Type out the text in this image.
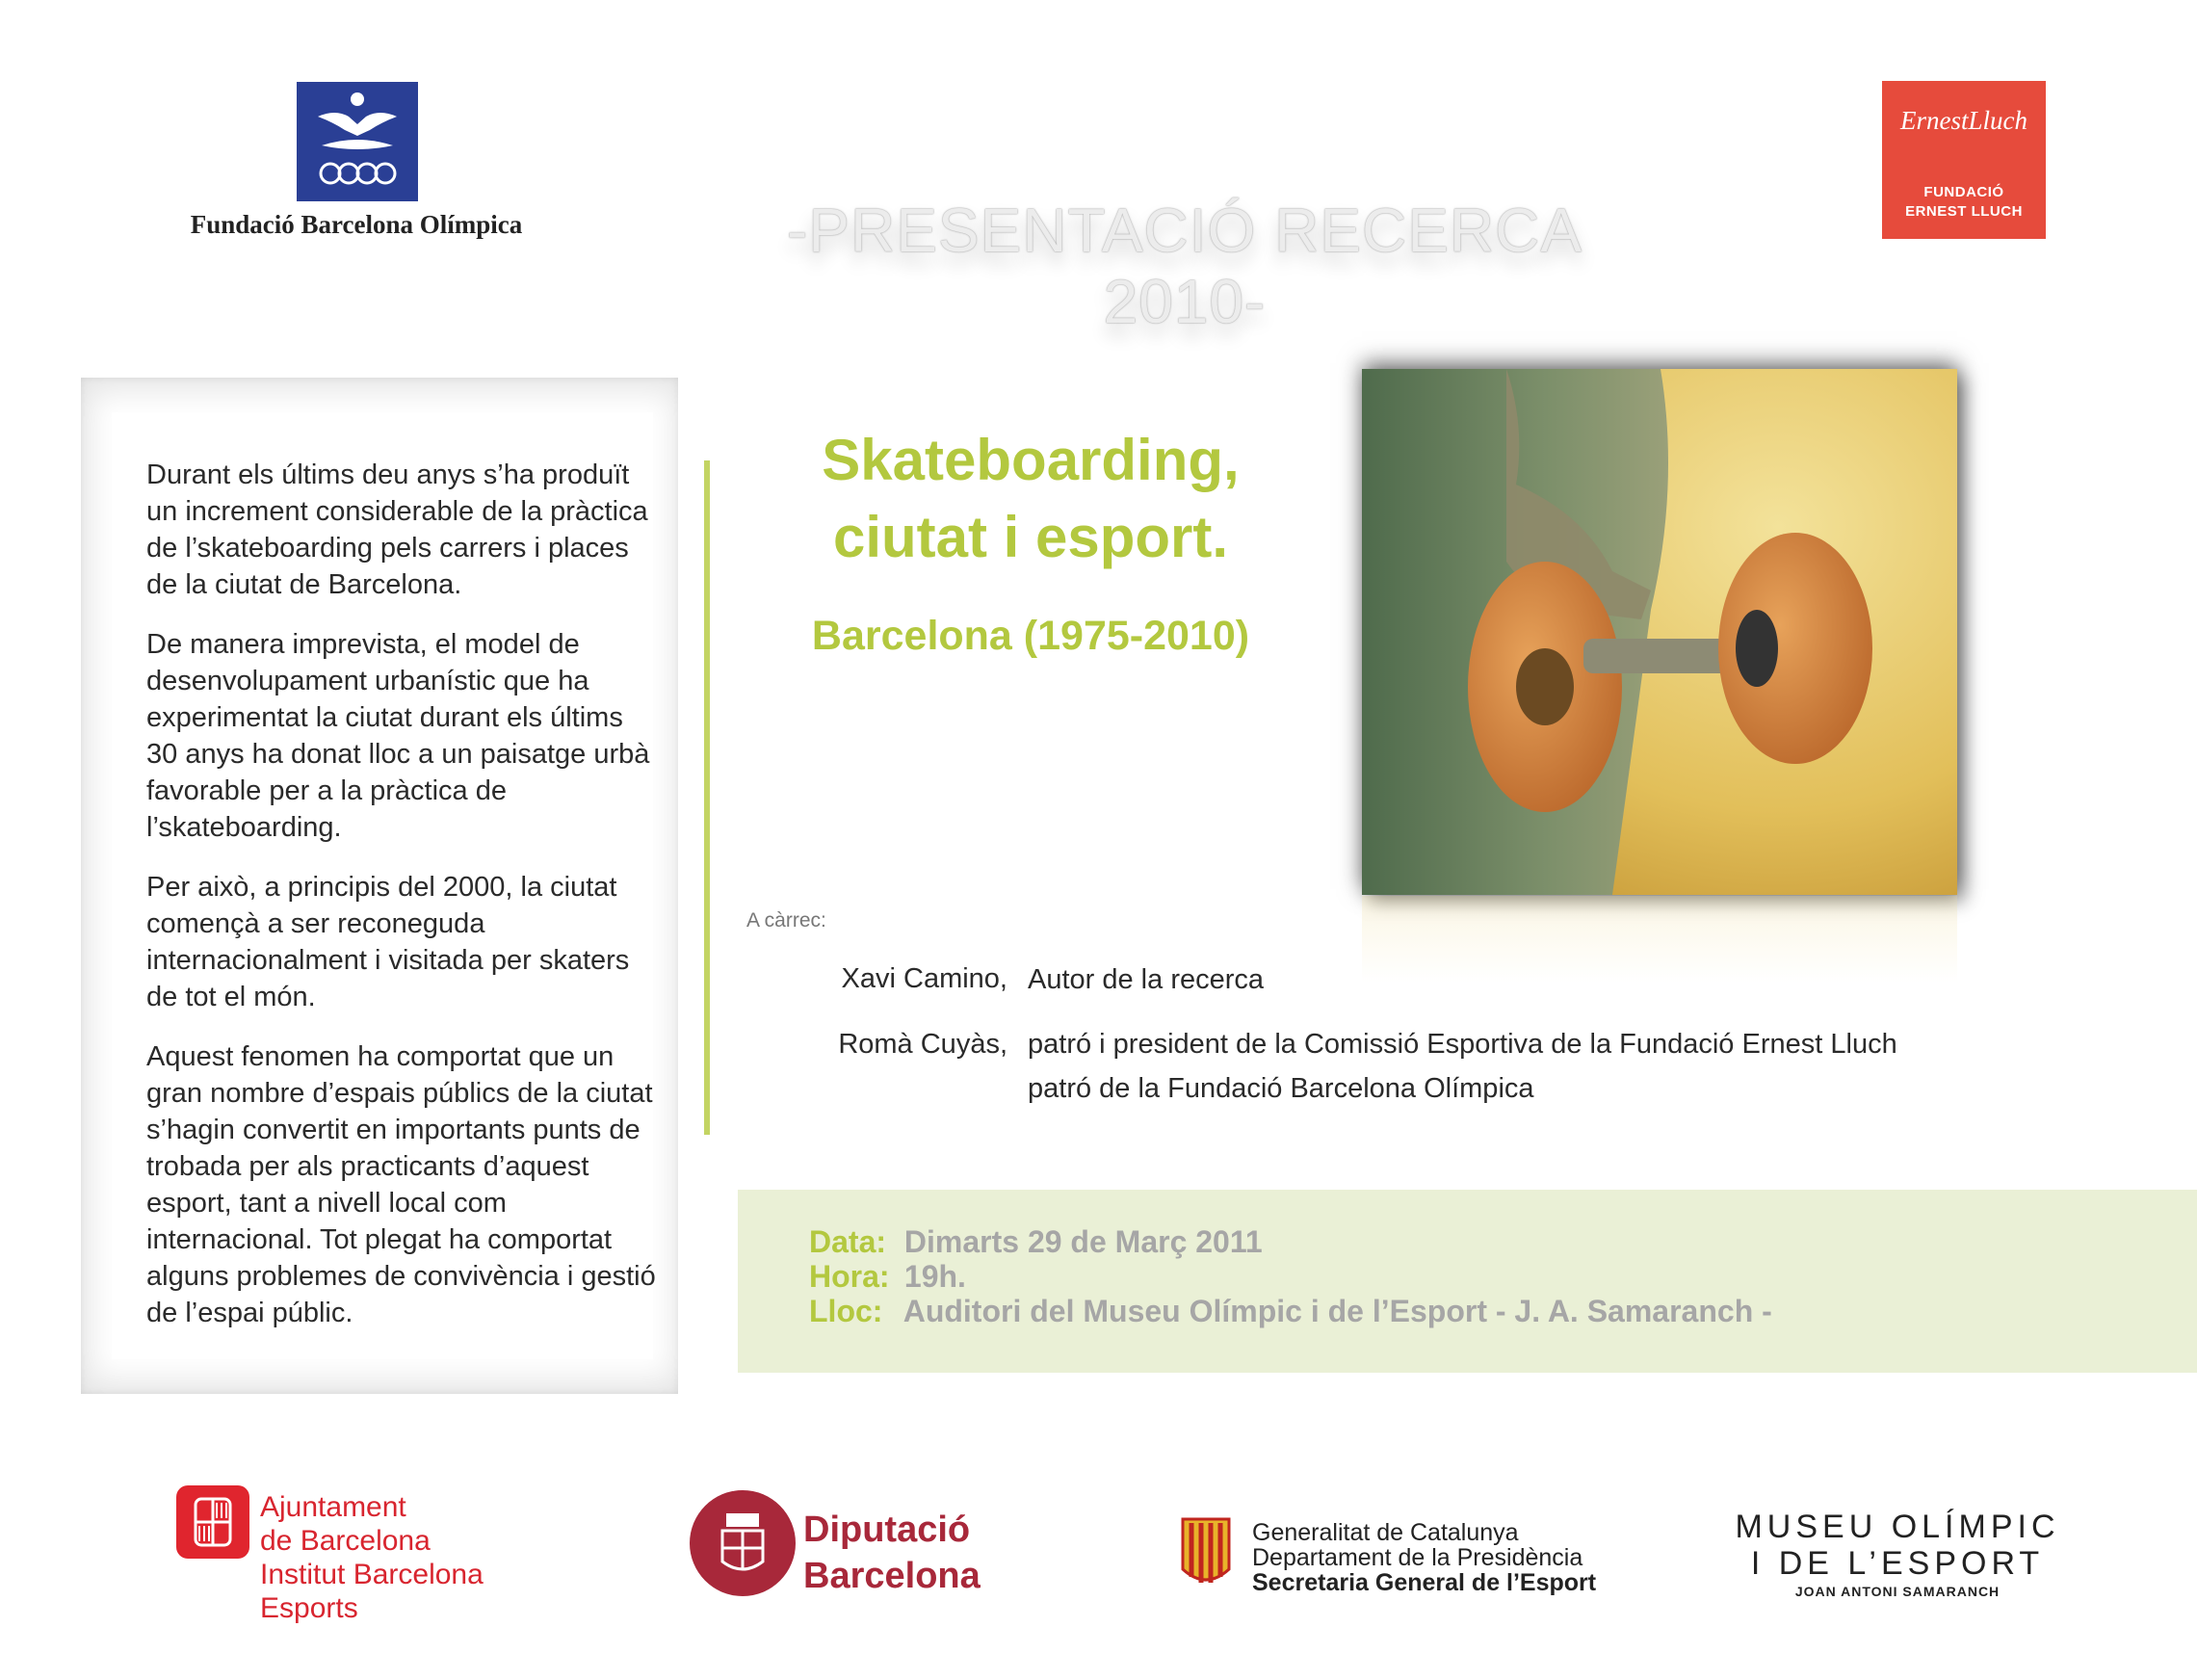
Fundació Barcelona Olímpica	-PRESENTACIÓ RECERCA 2010-
ErnestLluch
FUNDACIÓ
ERNEST LLUCH

Durant els últims deu anys s’ha produït un increment considerable de la pràctica de l’skateboarding pels carrers i places de la ciutat de Barcelona.

De manera imprevista, el model de desenvolupament urbanístic que ha experimentat la ciutat durant els últims 30 anys ha donat lloc a un paisatge urbà favorable per a la pràctica de l’skateboarding.

Per això, a principis del 2000, la ciutat començà a ser reconeguda internacionalment i visitada per skaters de tot el món.

Aquest fenomen ha comportat que un gran nombre d’espais públics de la ciutat s’hagin convertit en importants punts de trobada per als practicants d’aquest esport, tant a nivell local com internacional. Tot plegat ha comportat alguns problemes de convivència i gestió de l’espai públic.

Skateboarding,
ciutat i esport.
Barcelona (1975-2010)
A càrrec:
Xavi Camino, Autor de la recerca
Romà Cuyàs, patró i president de la Comissió Esportiva de la Fundació Ernest Lluch
patró de la Fundació Barcelona Olímpica
Data: Dimarts 29 de Març 2011
Hora: 19h.
Lloc: Auditori del Museu Olímpic i de l’Esport - J. A. Samaranch -
Ajuntament
de Barcelona
Institut Barcelona
Esports
Diputació
Barcelona
Generalitat de Catalunya
Departament de la Presidència
Secretaria General de l’Esport
MUSEU OLÍMPIC
I DE L’ESPORT
JOAN ANTONI SAMARANCH
